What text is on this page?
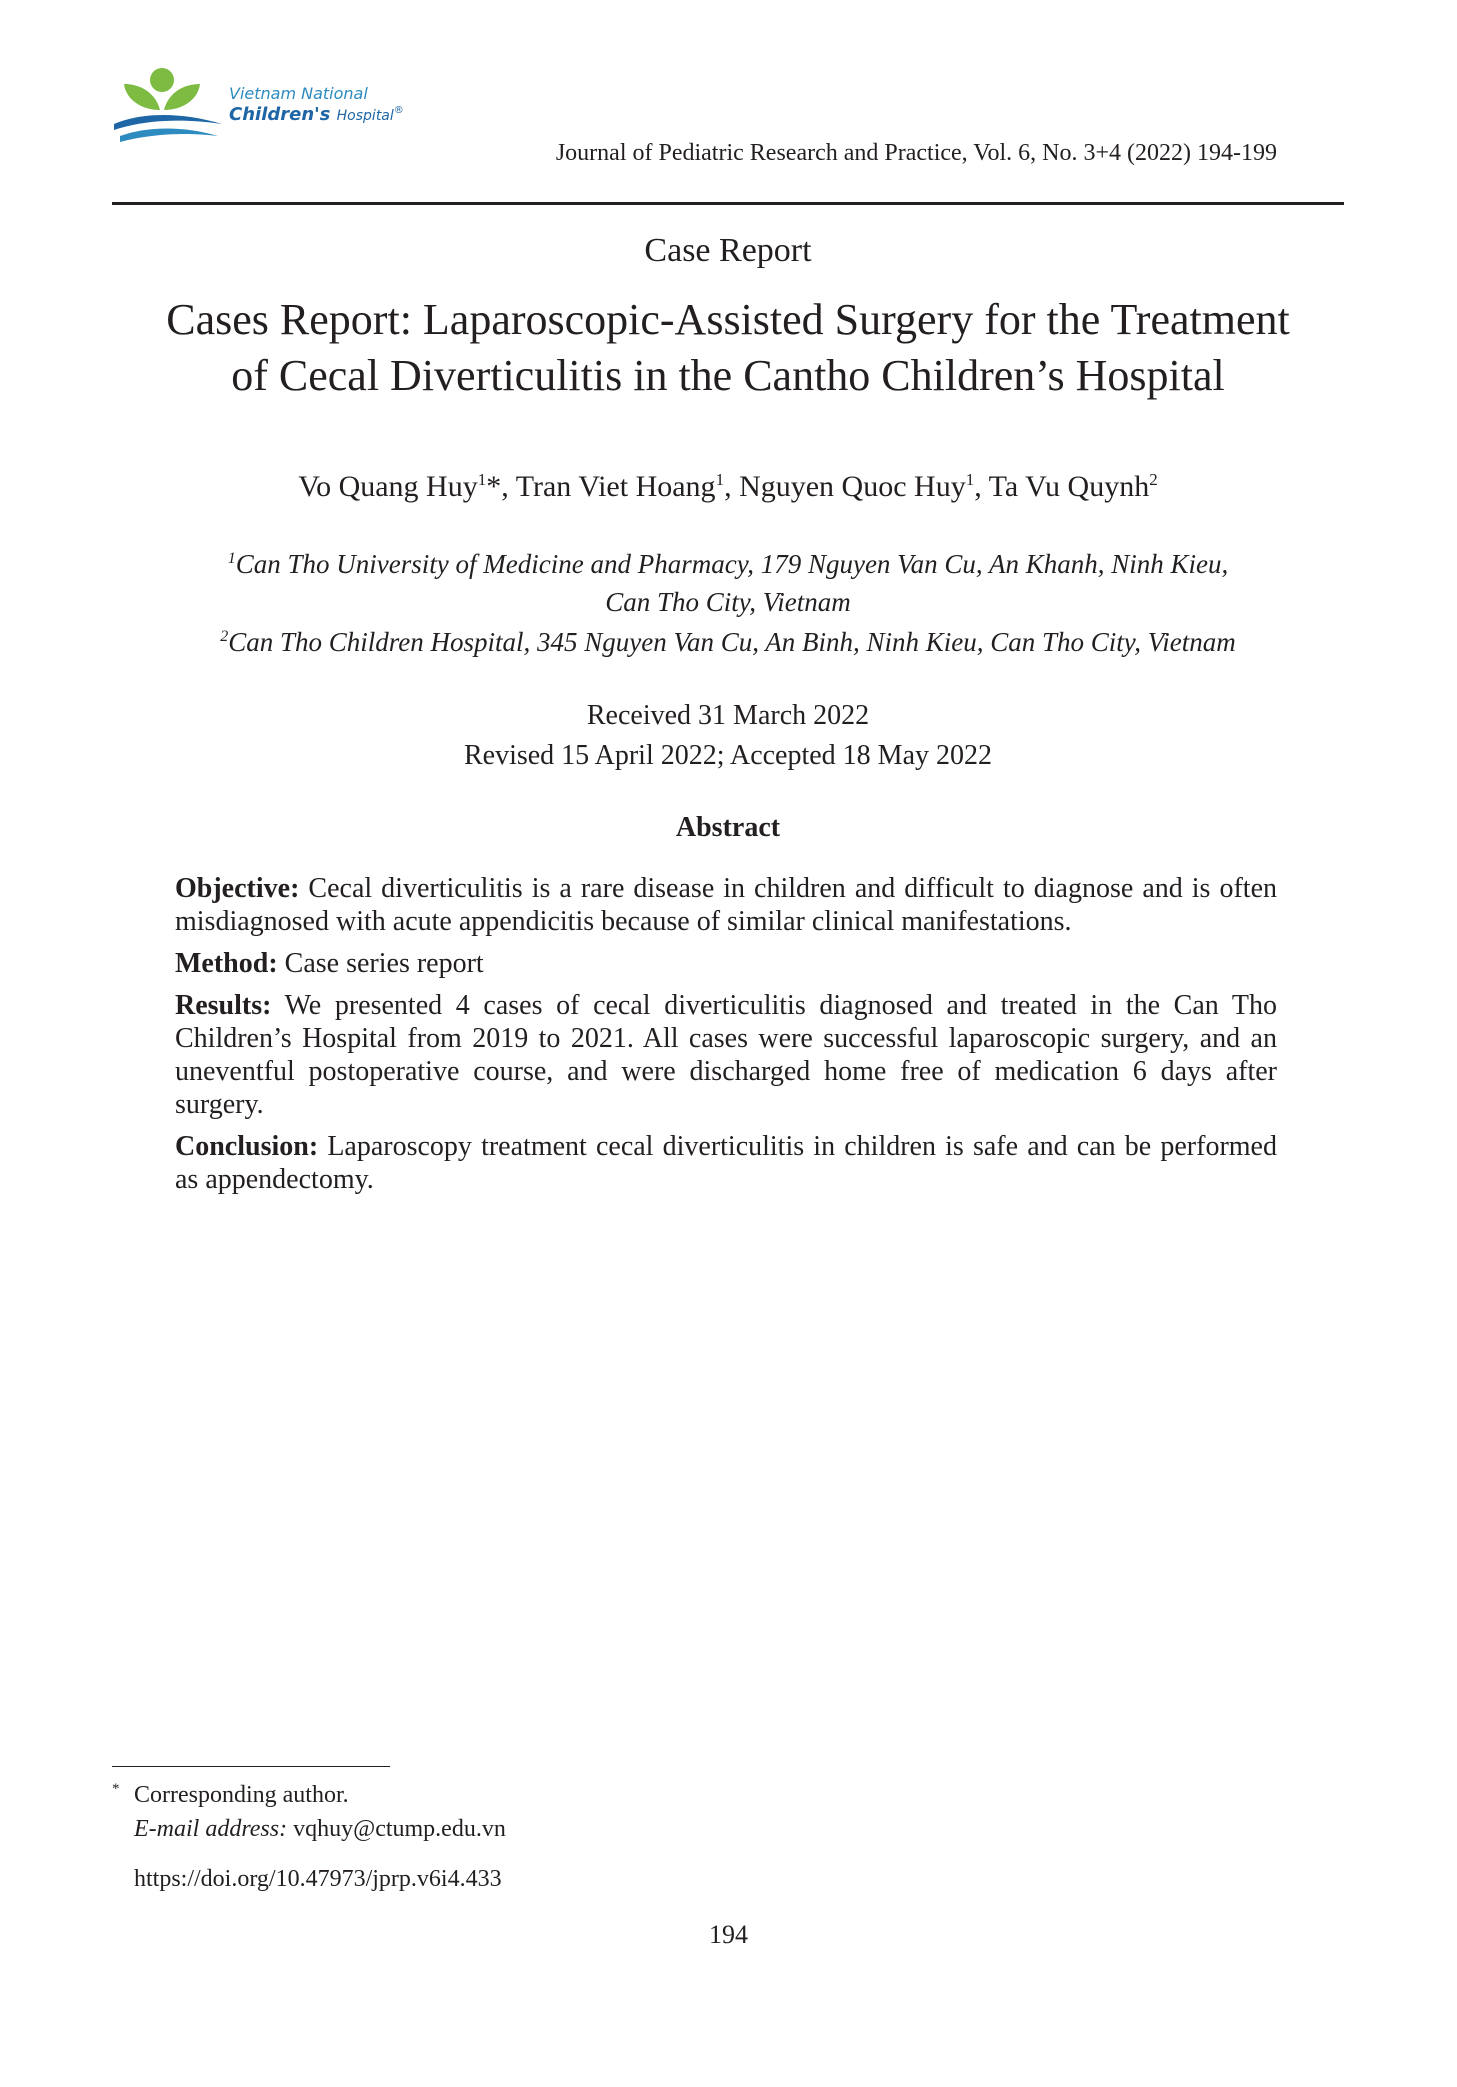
Vietnam National
Children's Hospital®
Journal of Pediatric Research and Practice, Vol. 6, No. 3+4 (2022) 194-199
Case Report
Cases Report: Laparoscopic-Assisted Surgery for the Treatment
of Cecal Diverticulitis in the Cantho Children’s Hospital
Vo Quang Huy$^1$*, Tran Viet Hoang$^1$, Nguyen Quoc Huy$^1$, Ta Vu Quynh$^2$
$^1$Can Tho University of Medicine and Pharmacy, 179 Nguyen Van Cu, An Khanh, Ninh Kieu,
Can Tho City, Vietnam
$^2$Can Tho Children Hospital, 345 Nguyen Van Cu, An Binh, Ninh Kieu, Can Tho City, Vietnam
Received 31 March 2022
Revised 15 April 2022; Accepted 18 May 2022
Abstract

Objective: Cecal diverticulitis is a rare disease in children and difficult to diagnose and is often misdiagnosed with acute appendicitis because of similar clinical manifestations.

Method: Case series report

Results: We presented 4 cases of cecal diverticulitis diagnosed and treated in the Can Tho Children’s Hospital from 2019 to 2021. All cases were successful laparoscopic surgery, and an uneventful postoperative course, and were discharged home free of medication 6 days after surgery.

Conclusion: Laparoscopy treatment cecal diverticulitis in children is safe and can be performed as appendectomy.

* Corresponding author.
E-mail address: vqhuy@ctump.edu.vn
https://doi.org/10.47973/jprp.v6i4.433
194
